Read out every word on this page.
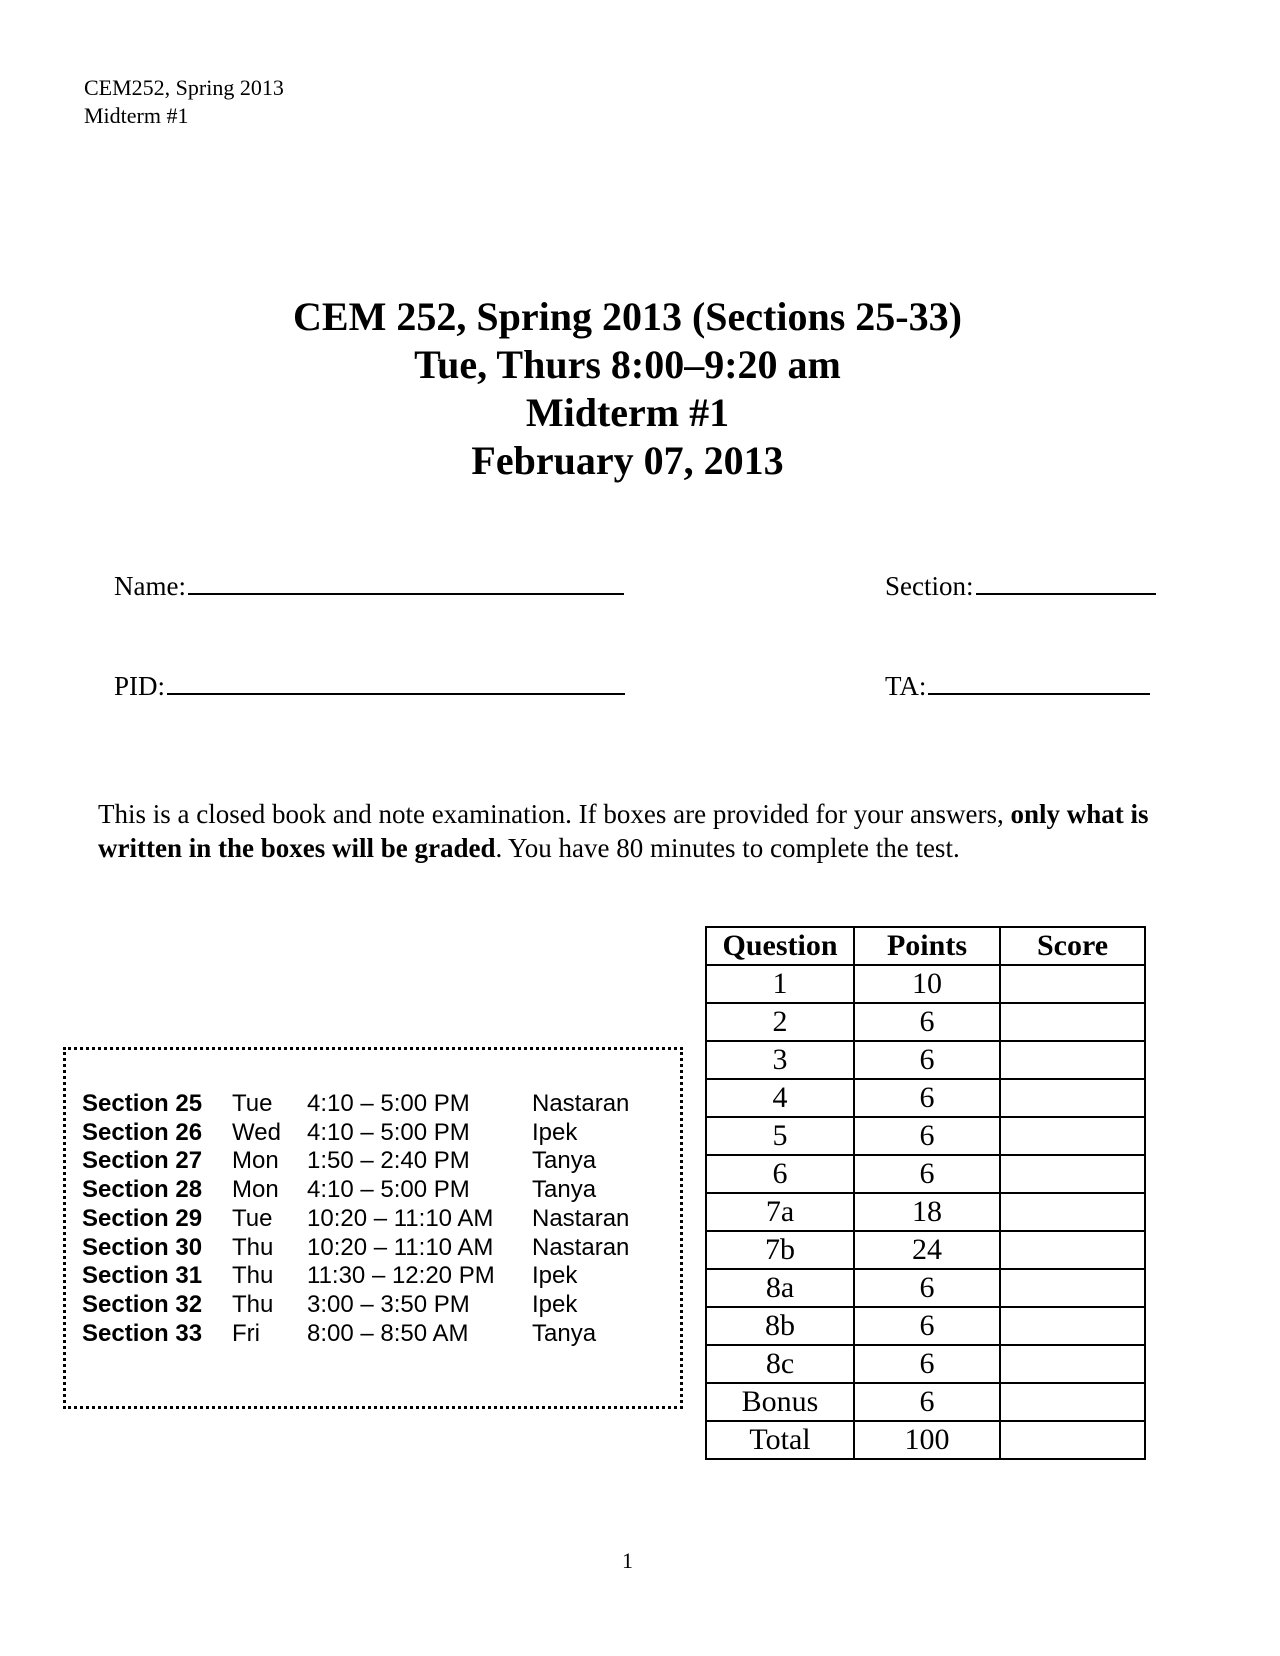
CEM252, Spring 2013
Midterm #1
CEM 252, Spring 2013 (Sections 25-33)
Tue, Thurs 8:00–9:20 am
Midterm #1
February 07, 2013
Name:	Section:
PID:	TA:
This is a closed book and note examination. If boxes are provided for your answers, only what is written in the boxes will be graded. You have 80 minutes to complete the test.
Section 25	Tue	4:10 – 5:00 PM	Nastaran
Section 26	Wed	4:10 – 5:00 PM	Ipek
Section 27	Mon	1:50 – 2:40 PM	Tanya
Section 28	Mon	4:10 – 5:00 PM	Tanya
Section 29	Tue	10:20 – 11:10 AM	Nastaran
Section 30	Thu	10:20 – 11:10 AM	Nastaran
Section 31	Thu	11:30 – 12:20 PM	Ipek
Section 32	Thu	3:00 – 3:50 PM	Ipek
Section 33	Fri	8:00 – 8:50 AM	Tanya
Question	Points	Score
1	10	
2	6	
3	6	
4	6	
5	6	
6	6	
7a	18	
7b	24	
8a	6	
8b	6	
8c	6	
Bonus	6	
Total	100	
1
